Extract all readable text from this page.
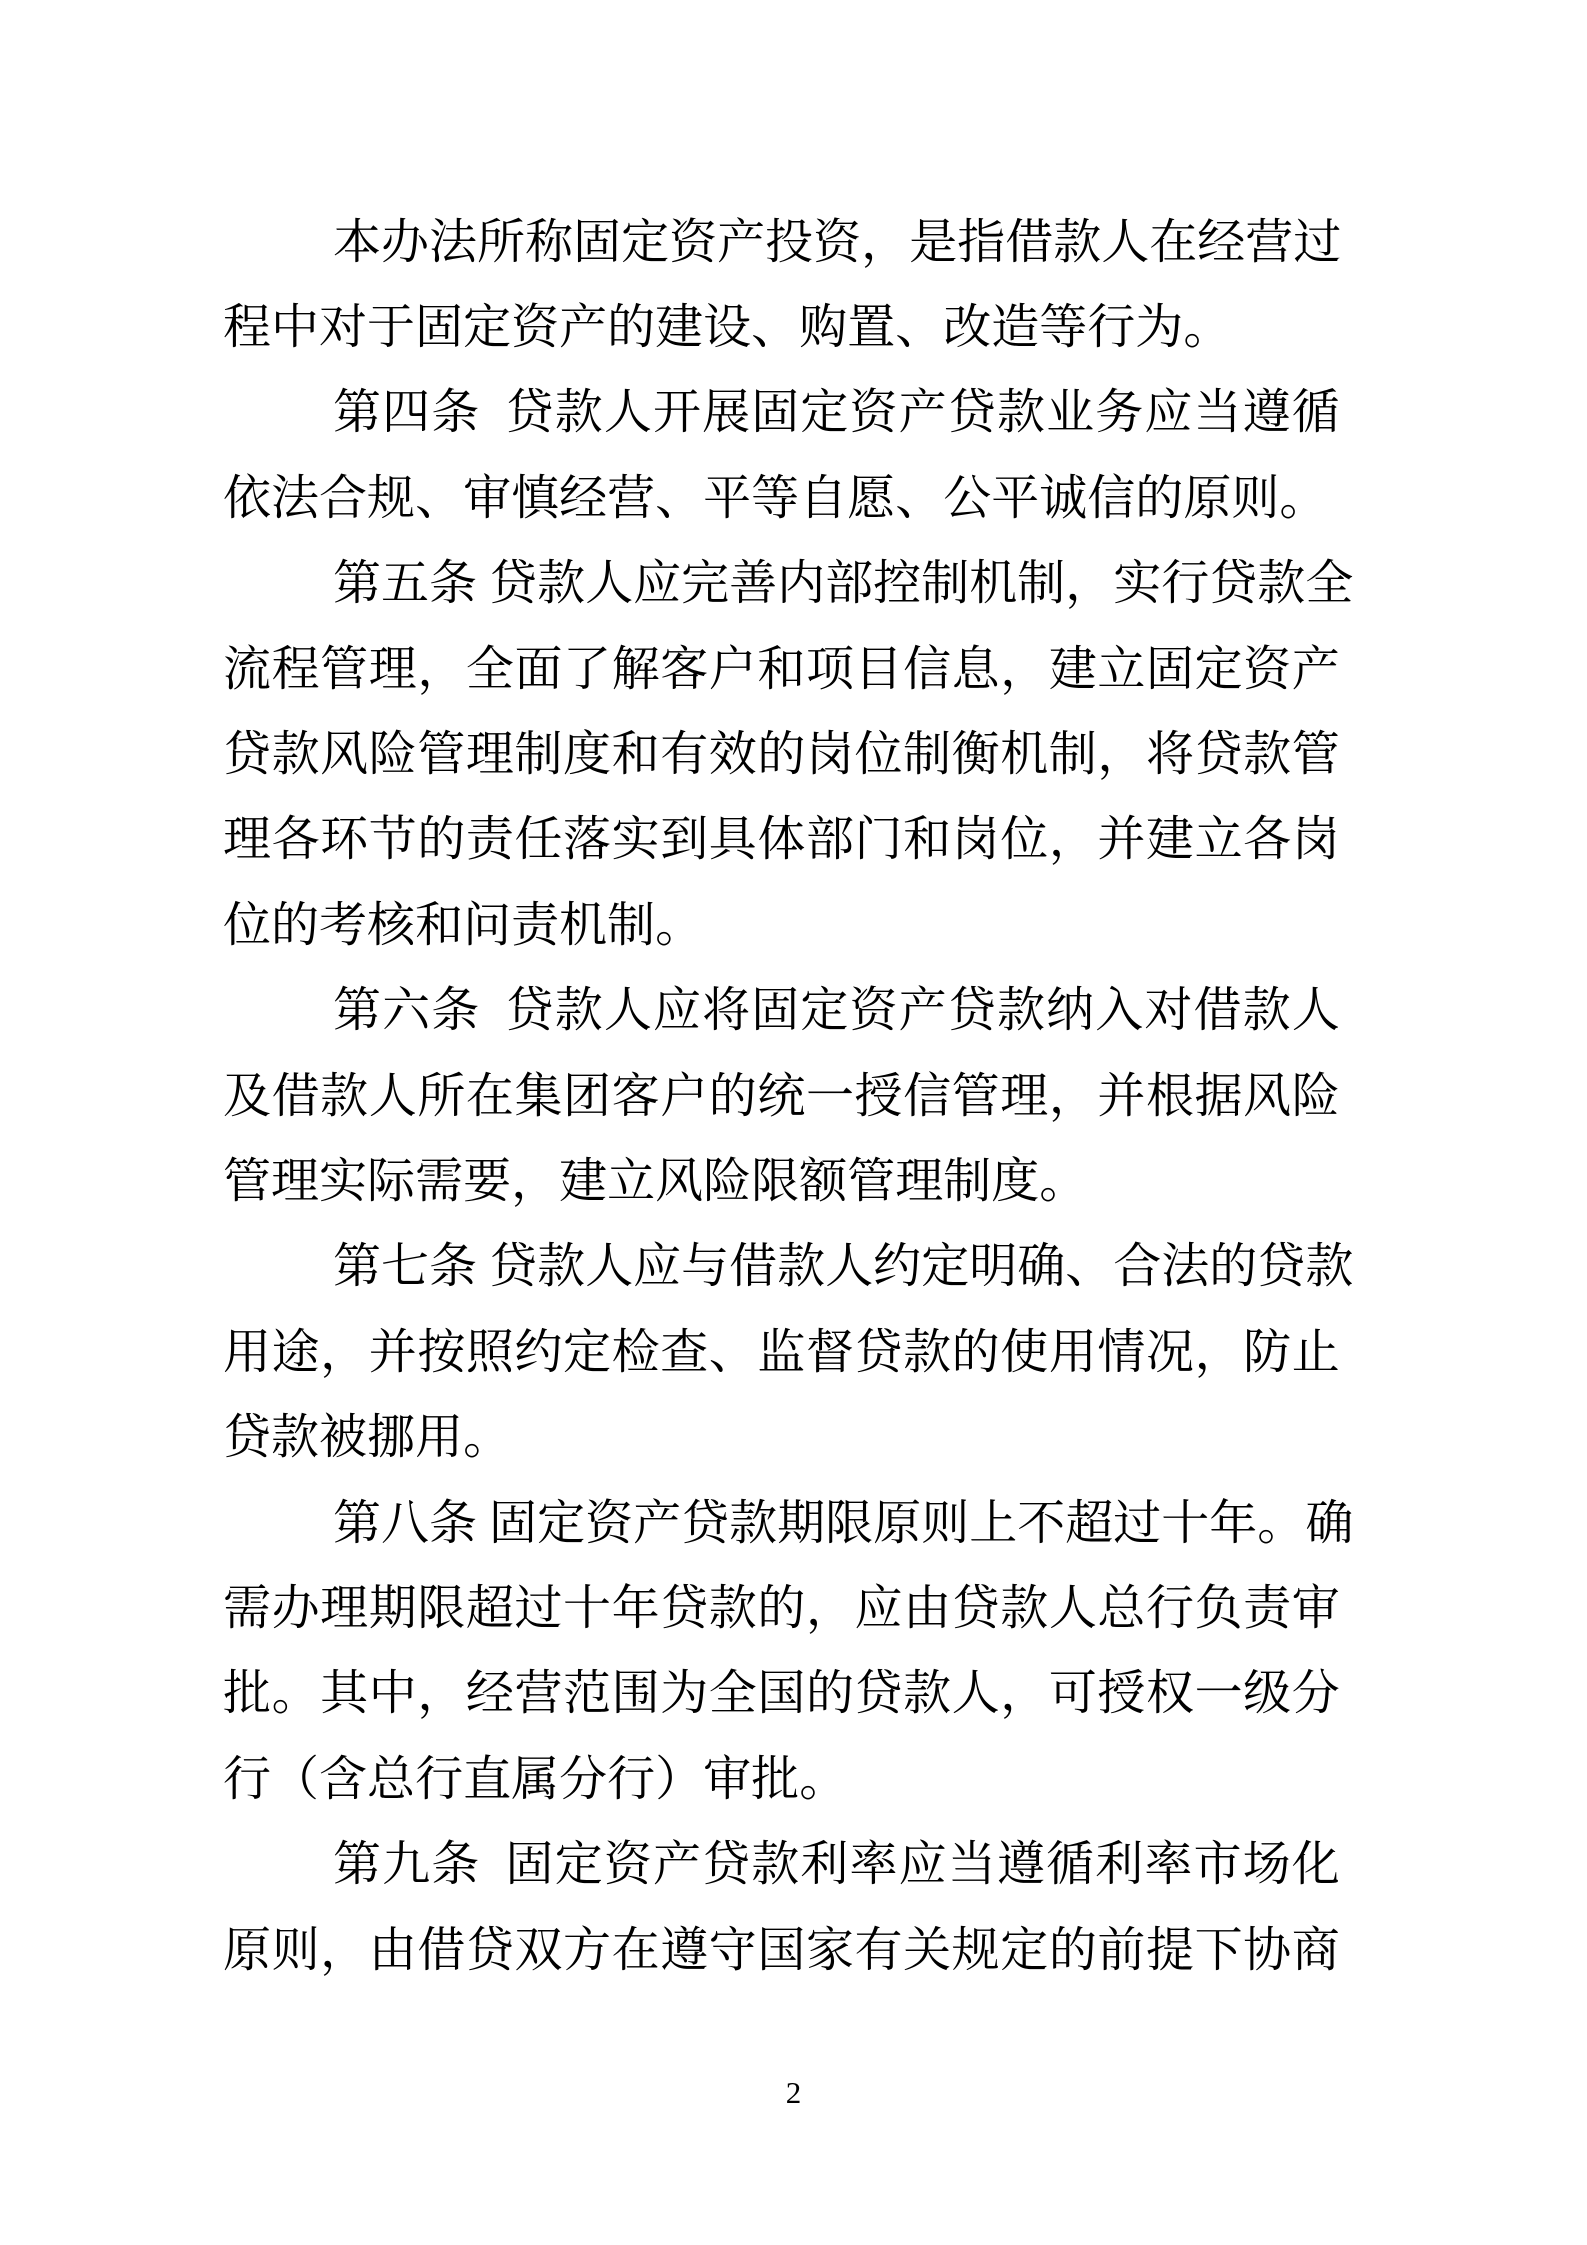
本 办 法 所 称 固 定 资 产 投 资 ， 是 指 借 款 人 在 经 营 过
程 中 对 于 固 定 资 产 的 建 设 、 购 置 、 改 造 等 行 为 。
第 四 条
贷 款 人 开 展 固 定 资 产 贷 款 业 务 应 当 遵 循
依 法 合 规 、 审 慎 经 营 、 平 等 自 愿 、 公 平 诚 信 的 原 则 。
第 五 条
贷 款 人 应 完 善 内 部 控 制 机 制 ， 实 行 贷 款 全
流 程 管 理 ， 全 面 了 解 客 户 和 项 目 信 息 ， 建 立 固 定 资 产
贷 款 风 险 管 理 制 度 和 有 效 的 岗 位 制 衡 机 制 ， 将 贷 款 管
理 各 环 节 的 责 任 落 实 到 具 体 部 门 和 岗 位 ， 并 建 立 各 岗
位 的 考 核 和 问 责 机 制 。
第 六 条
贷 款 人 应 将 固 定 资 产 贷 款 纳 入 对 借 款 人
及 借 款 人 所 在 集 团 客 户 的 统 一 授 信 管 理 ， 并 根 据 风 险
管 理 实 际 需 要 ， 建 立 风 险 限 额 管 理 制 度 。
第 七 条
贷 款 人 应 与 借 款 人 约 定 明 确 、 合 法 的 贷 款
用 途 ， 并 按 照 约 定 检 查 、 监 督 贷 款 的 使 用 情 况 ， 防 止
贷 款 被 挪 用 。
第 八 条
固 定 资 产 贷 款 期 限 原 则 上 不 超 过 十 年 。 确
需 办 理 期 限 超 过 十 年 贷 款 的 ， 应 由 贷 款 人 总 行 负 责 审
批 。 其 中 ， 经 营 范 围 为 全 国 的 贷 款 人 ， 可 授 权 一 级 分
行 （ 含 总 行 直 属 分 行 ） 审 批 。
第 九 条
固 定 资 产 贷 款 利 率 应 当 遵 循 利 率 市 场 化
原 则 ， 由 借 贷 双 方 在 遵 守 国 家 有 关 规 定 的 前 提 下 协 商
2
